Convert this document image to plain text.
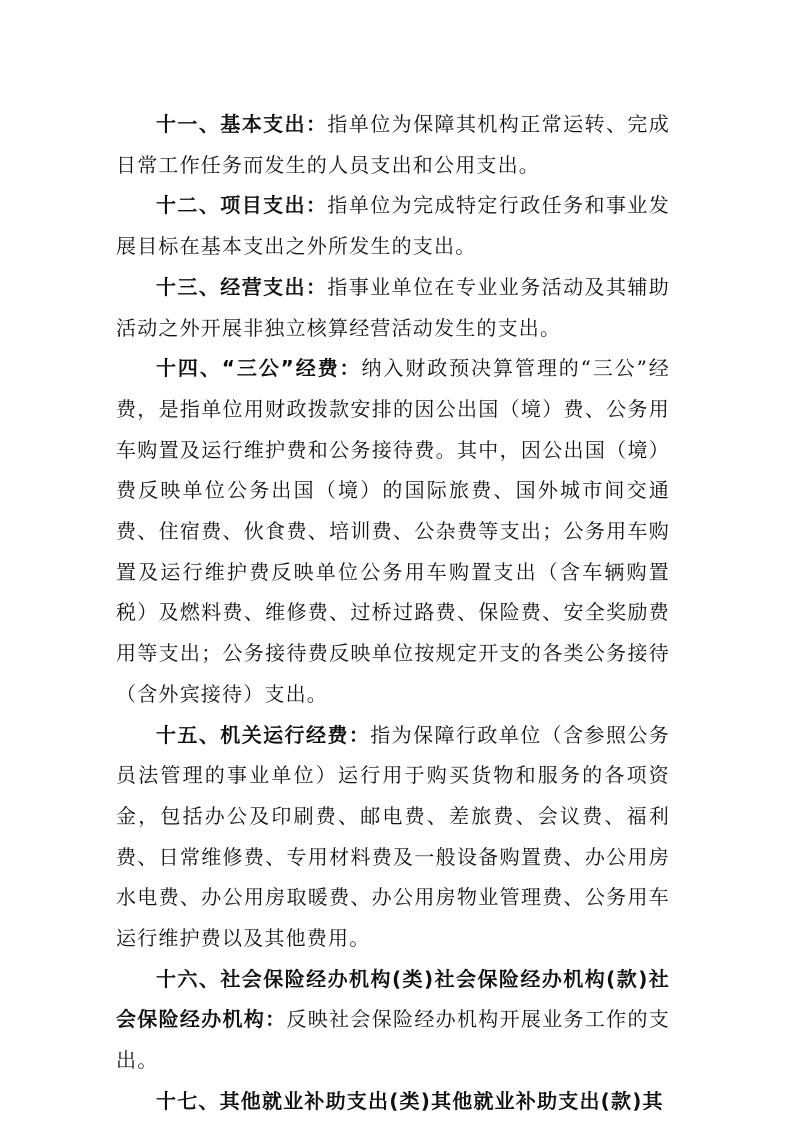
十一、基本支出：指单位为保障其机构正常运转、完成日常工作任务而发生的人员支出和公用支出。

十二、项目支出：指单位为完成特定行政任务和事业发展目标在基本支出之外所发生的支出。

十三、经营支出：指事业单位在专业业务活动及其辅助活动之外开展非独立核算经营活动发生的支出。

十四、“三公”经费：纳入财政预决算管理的“三公”经费，是指单位用财政拨款安排的因公出国（境）费、公务用车购置及运行维护费和公务接待费。其中，因公出国（境）费反映单位公务出国（境）的国际旅费、国外城市间交通费、住宿费、伙食费、培训费、公杂费等支出；公务用车购置及运行维护费反映单位公务用车购置支出（含车辆购置税）及燃料费、维修费、过桥过路费、保险费、安全奖励费用等支出；公务接待费反映单位按规定开支的各类公务接待（含外宾接待）支出。

十五、机关运行经费：指为保障行政单位（含参照公务员法管理的事业单位）运行用于购买货物和服务的各项资金，包括办公及印刷费、邮电费、差旅费、会议费、福利费、日常维修费、专用材料费及一般设备购置费、办公用房水电费、办公用房取暖费、办公用房物业管理费、公务用车运行维护费以及其他费用。

十六、社会保险经办机构(类)社会保险经办机构(款)社会保险经办机构：反映社会保险经办机构开展业务工作的支出。

十七、其他就业补助支出(类)其他就业补助支出(款)其
